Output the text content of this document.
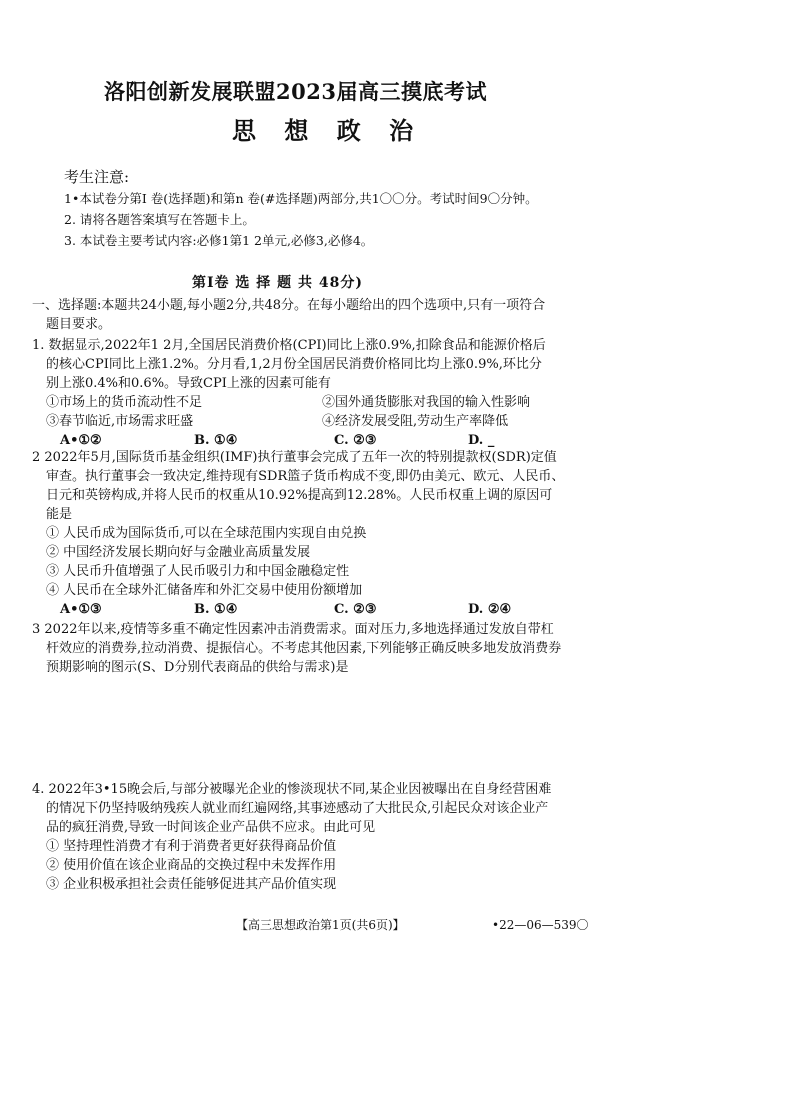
洛阳创新发展联盟2023届高三摸底考试
思 想 政 治
考生注意:
1•本试卷分第I 卷(选择题)和第n 卷(#选择题)两部分,共1〇〇分。考试时间9〇分钟。
2. 请将各题答案填写在答题卡上。
3. 本试卷主要考试内容:必修1第1 2单元,必修3,必修4。
第I卷 选 择 题 共 48分)

一、选择题:本题共24小题,每小题2分,共48分。在每小题给出的四个选项中,只有一项符合

题目要求。

1. 数据显示,2022年1 2月,全国居民消费价格(CPI)同比上涨0.9%,扣除食品和能源价格后

的核心CPI同比上涨1.2%。分月看,1,2月份全国居民消费价格同比均上涨0.9%,环比分

别上涨0.4%和0.6%。导致CPI上涨的因素可能有

①市场上的货币流动性不足	②国外通货膨胀对我国的输入性影响
③春节临近,市场需求旺盛	④经济发展受阻,劳动生产率降低
A•①②	B. ①④	C. ②③	D. _

2 2022年5月,国际货币基金组织(IMF)执行董事会完成了五年一次的特别提款权(SDR)定值

审查。执行董事会一致决定,维持现有SDR篮子货币构成不变,即仍由美元、欧元、人民币、

日元和英镑构成,并将人民币的权重从10.92%提高到12.28%。人民币权重上调的原因可

能是

① 人民币成为国际货币,可以在全球范围内实现自由兑换

② 中国经济发展长期向好与金融业高质量发展

③ 人民币升值增强了人民币吸引力和中国金融稳定性

④ 人民币在全球外汇储备库和外汇交易中使用份额增加

A•①③	B. ①④	C. ②③	D. ②④

3 2022年以来,疫情等多重不确定性因素冲击消费需求。面对压力,多地选择通过发放自带杠

杆效应的消费券,拉动消费、提振信心。不考虑其他因素,下列能够正确反映多地发放消费券

预期影响的图示(S、D分别代表商品的供给与需求)是

4. 2022年3•15晚会后,与部分被曝光企业的惨淡现状不同,某企业因被曝出在自身经营困难

的情况下仍坚持吸纳残疾人就业而红遍网络,其事迹感动了大批民众,引起民众对该企业产

品的疯狂消费,导致一时间该企业产品供不应求。由此可见

① 坚持理性消费才有利于消费者更好获得商品价值

② 使用价值在该企业商品的交换过程中未发挥作用

③ 企业积极承担社会责任能够促进其产品价值实现

【高三思想政治第1页(共6页)】	•22—06—539〇
